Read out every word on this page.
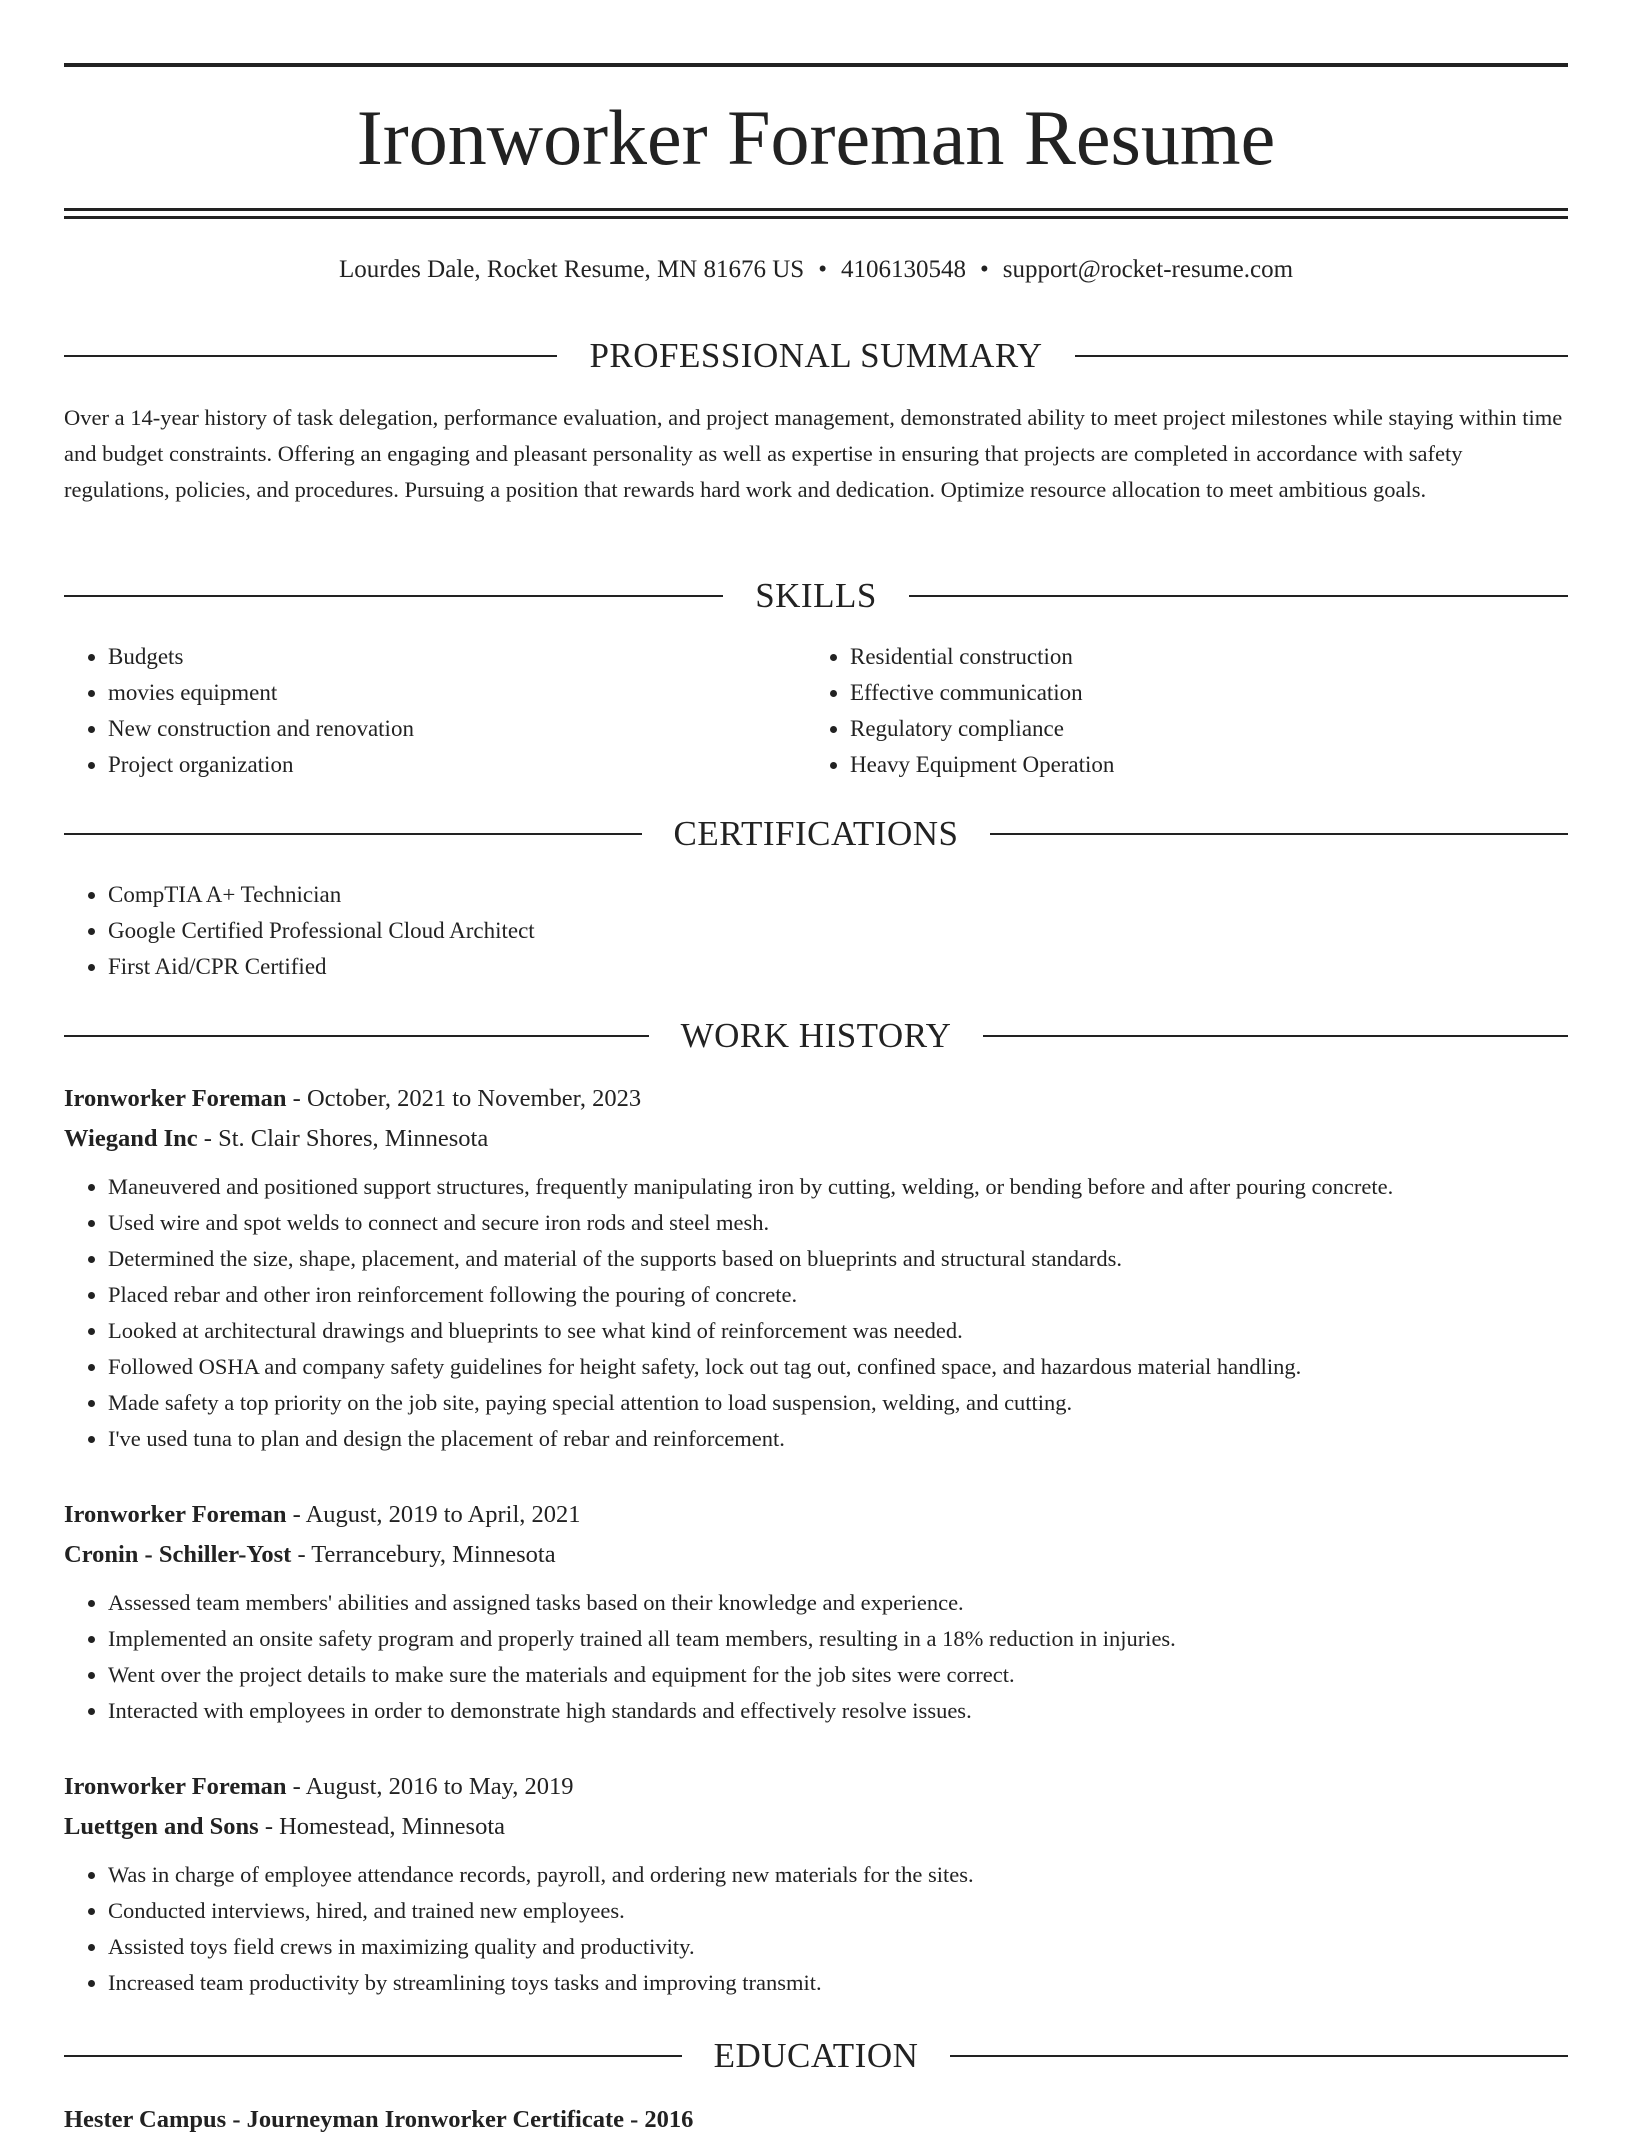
Ironworker Foreman Resume
Lourdes Dale, Rocket Resume, MN 81676 US • 4106130548 • support@rocket-resume.com
PROFESSIONAL SUMMARY
Over a 14-year history of task delegation, performance evaluation, and project management, demonstrated ability to meet project milestones while staying within time and budget constraints. Offering an engaging and pleasant personality as well as expertise in ensuring that projects are completed in accordance with safety regulations, policies, and procedures. Pursuing a position that rewards hard work and dedication. Optimize resource allocation to meet ambitious goals.
SKILLS
• Budgets
• movies equipment
• New construction and renovation
• Project organization
• Residential construction
• Effective communication
• Regulatory compliance
• Heavy Equipment Operation
CERTIFICATIONS
• CompTIA A+ Technician
• Google Certified Professional Cloud Architect
• First Aid/CPR Certified
WORK HISTORY
Ironworker Foreman - October, 2021 to November, 2023
Wiegand Inc - St. Clair Shores, Minnesota
• Maneuvered and positioned support structures, frequently manipulating iron by cutting, welding, or bending before and after pouring concrete.
• Used wire and spot welds to connect and secure iron rods and steel mesh.
• Determined the size, shape, placement, and material of the supports based on blueprints and structural standards.
• Placed rebar and other iron reinforcement following the pouring of concrete.
• Looked at architectural drawings and blueprints to see what kind of reinforcement was needed.
• Followed OSHA and company safety guidelines for height safety, lock out tag out, confined space, and hazardous material handling.
• Made safety a top priority on the job site, paying special attention to load suspension, welding, and cutting.
• I've used tuna to plan and design the placement of rebar and reinforcement.
Ironworker Foreman - August, 2019 to April, 2021
Cronin - Schiller-Yost - Terrancebury, Minnesota
• Assessed team members' abilities and assigned tasks based on their knowledge and experience.
• Implemented an onsite safety program and properly trained all team members, resulting in a 18% reduction in injuries.
• Went over the project details to make sure the materials and equipment for the job sites were correct.
• Interacted with employees in order to demonstrate high standards and effectively resolve issues.
Ironworker Foreman - August, 2016 to May, 2019
Luettgen and Sons - Homestead, Minnesota
• Was in charge of employee attendance records, payroll, and ordering new materials for the sites.
• Conducted interviews, hired, and trained new employees.
• Assisted toys field crews in maximizing quality and productivity.
• Increased team productivity by streamlining toys tasks and improving transmit.
EDUCATION
Hester Campus - Journeyman Ironworker Certificate - 2016
